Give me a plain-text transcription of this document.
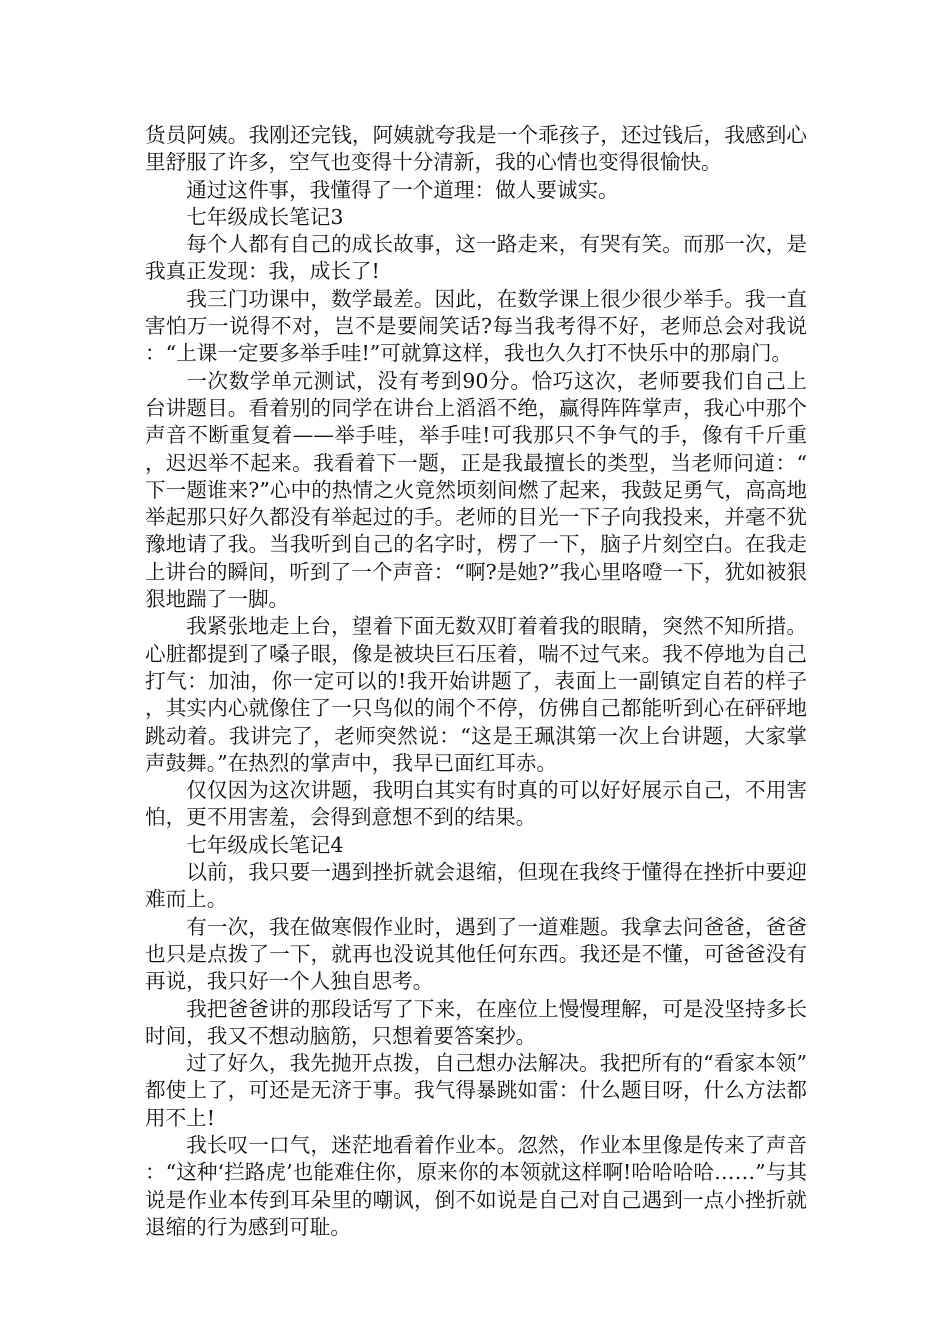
货员阿姨。我刚还完钱，阿姨就夸我是一个乖孩子，还过钱后，我感到心里舒服了许多，空气也变得十分清新，我的心情也变得很愉快。

通过这件事，我懂得了一个道理：做人要诚实。

七年级成长笔记3

每个人都有自己的成长故事，这一路走来，有哭有笑。而那一次，是我真正发现：我，成长了!

我三门功课中，数学最差。因此，在数学课上很少很少举手。我一直害怕万一说得不对，岂不是要闹笑话?每当我考得不好，老师总会对我说：“上课一定要多举手哇!”可就算这样，我也久久打不快乐中的那扇门。

一次数学单元测试，没有考到90分。恰巧这次，老师要我们自己上台讲题目。看着别的同学在讲台上滔滔不绝，赢得阵阵掌声，我心中那个声音不断重复着——举手哇，举手哇!可我那只不争气的手，像有千斤重，迟迟举不起来。我看着下一题，正是我最擅长的类型，当老师问道：“下一题谁来?”心中的热情之火竟然顷刻间燃了起来，我鼓足勇气，高高地举起那只好久都没有举起过的手。老师的目光一下子向我投来，并毫不犹豫地请了我。当我听到自己的名字时，楞了一下，脑子片刻空白。在我走上讲台的瞬间，听到了一个声音：“啊?是她?”我心里咯噔一下，犹如被狠狠地踹了一脚。

我紧张地走上台，望着下面无数双盯着着我的眼睛，突然不知所措。心脏都提到了嗓子眼，像是被块巨石压着，喘不过气来。我不停地为自己打气：加油，你一定可以的!我开始讲题了，表面上一副镇定自若的样子，其实内心就像住了一只鸟似的闹个不停，仿佛自己都能听到心在砰砰地跳动着。我讲完了，老师突然说：“这是王珮淇第一次上台讲题，大家掌声鼓舞。”在热烈的掌声中，我早已面红耳赤。

仅仅因为这次讲题，我明白其实有时真的可以好好展示自己，不用害怕，更不用害羞，会得到意想不到的结果。

七年级成长笔记4

以前，我只要一遇到挫折就会退缩，但现在我终于懂得在挫折中要迎难而上。

有一次，我在做寒假作业时，遇到了一道难题。我拿去问爸爸，爸爸也只是点拨了一下，就再也没说其他任何东西。我还是不懂，可爸爸没有再说，我只好一个人独自思考。

我把爸爸讲的那段话写了下来，在座位上慢慢理解，可是没坚持多长时间，我又不想动脑筋，只想着要答案抄。

过了好久，我先抛开点拨，自己想办法解决。我把所有的“看家本领”都使上了，可还是无济于事。我气得暴跳如雷：什么题目呀，什么方法都用不上!

我长叹一口气，迷茫地看着作业本。忽然，作业本里像是传来了声音：“这种‘拦路虎’也能难住你，原来你的本领就这样啊!哈哈哈哈……”与其说是作业本传到耳朵里的嘲讽，倒不如说是自己对自己遇到一点小挫折就退缩的行为感到可耻。
